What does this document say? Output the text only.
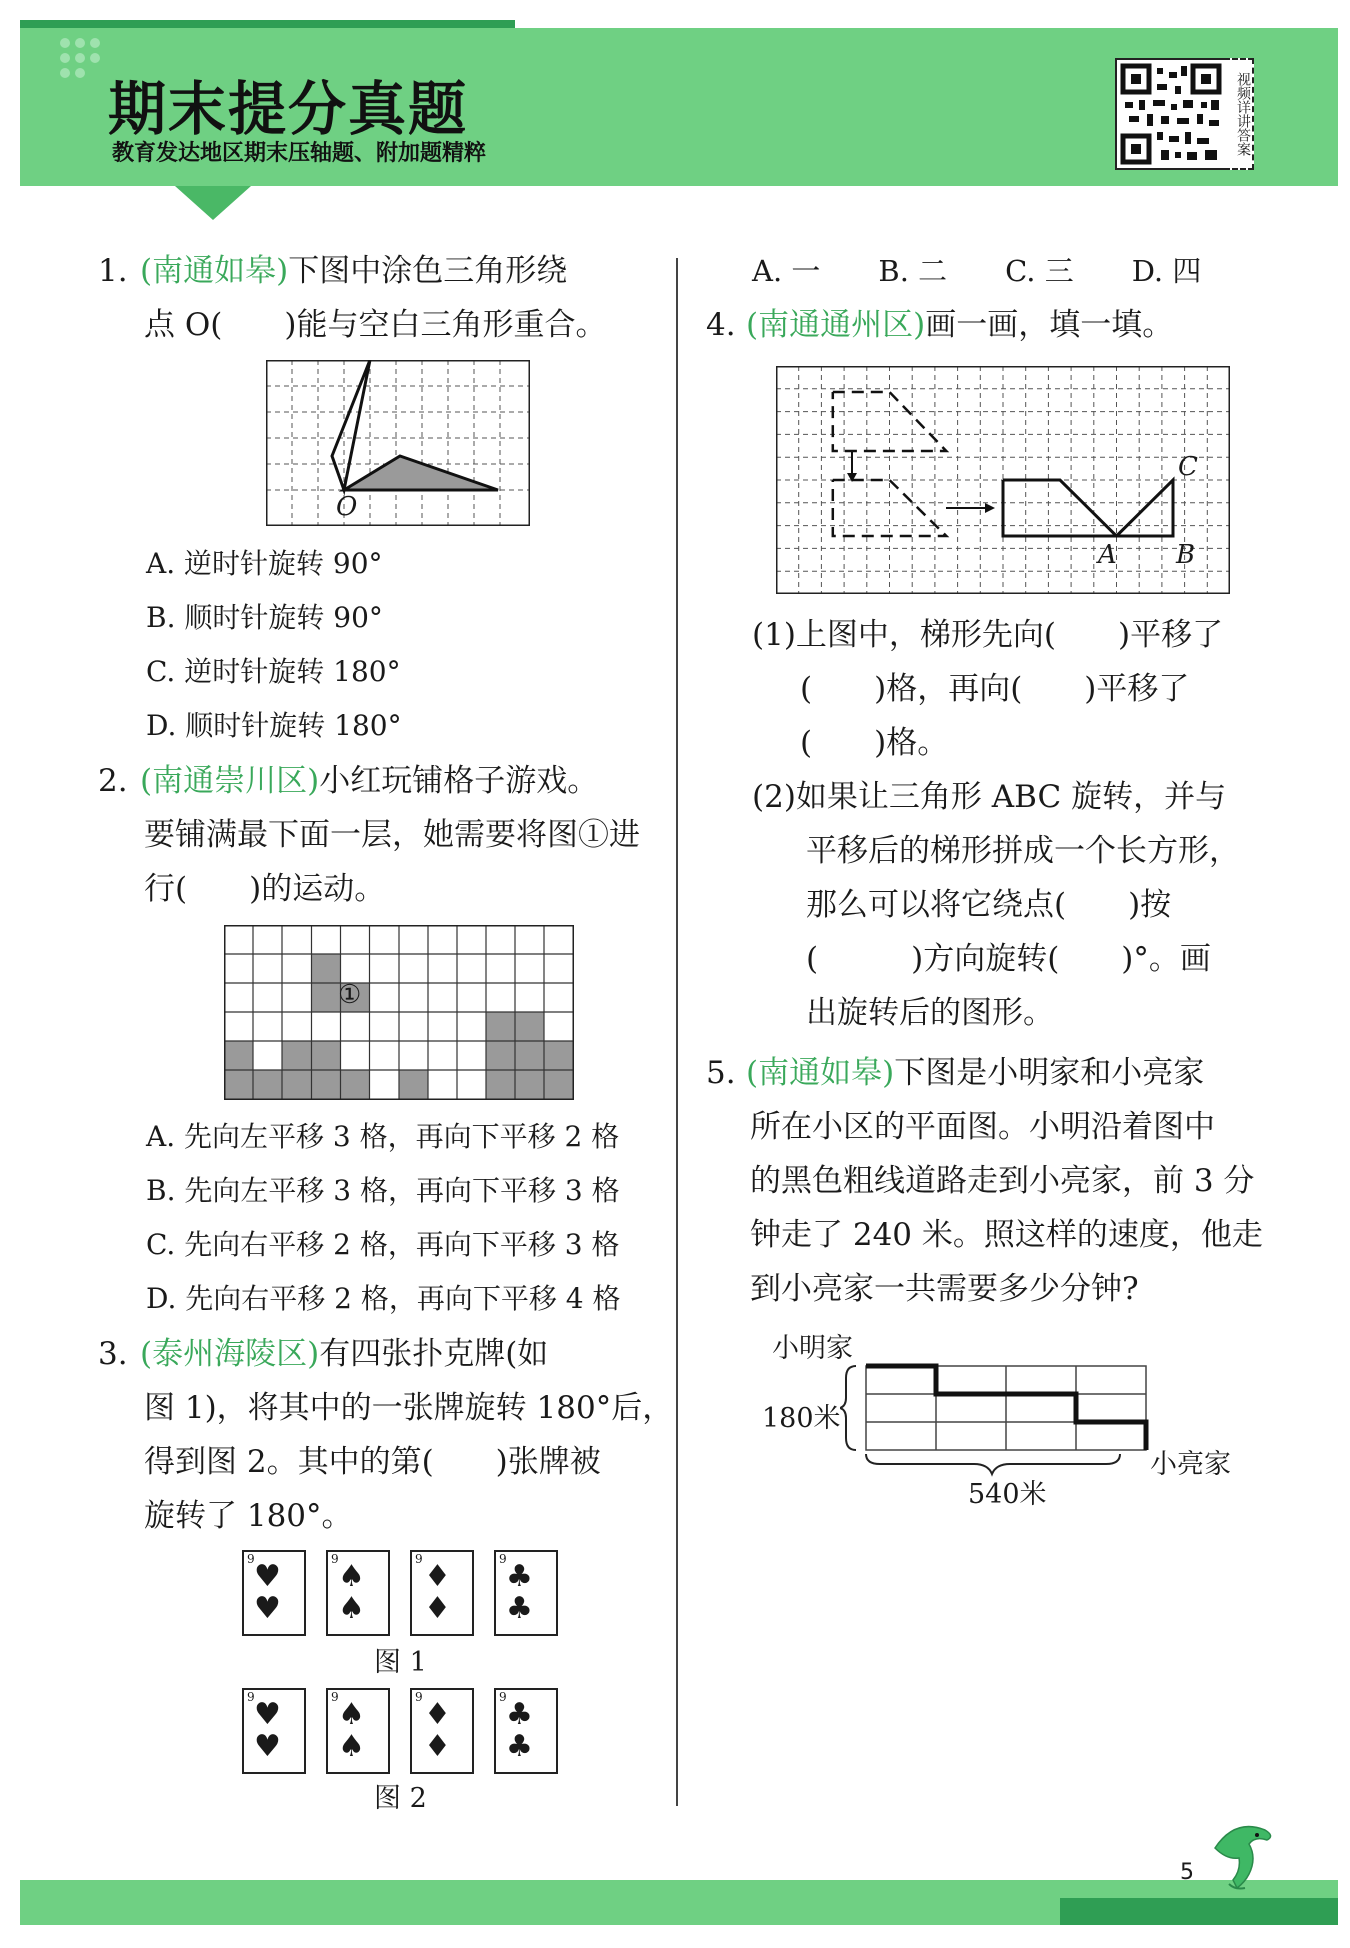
期末提分真题
教育发达地区期末压轴题、附加题精粹	视频详讲答案
1. (南通如皋)下图中涂色三角形绕
点 O(　　)能与空白三角形重合。
O
A. 逆时针旋转 90°
B. 顺时针旋转 90°
C. 逆时针旋转 180°
D. 顺时针旋转 180°
2. (南通崇川区)小红玩铺格子游戏。
要铺满最下面一层，她需要将图①进
行(　　)的运动。
①
A. 先向左平移 3 格，再向下平移 2 格
B. 先向左平移 3 格，再向下平移 3 格
C. 先向右平移 2 格，再向下平移 3 格
D. 先向右平移 2 格，再向下平移 4 格
3. (泰州海陵区)有四张扑克牌(如
图 1)，将其中的一张牌旋转 180°后，
得到图 2。其中的第(　　)张牌被
旋转了 180°。
9 ♥
♥
9 ♠
♠
9 ♦
♦
9 ♣
♣
图 1
9 ♥
♥
9 ♠
♠
9 ♦
♦
9 ♣
♣
图 2
A. 一　　B. 二　　C. 三　　D. 四
4. (南通通州区)画一画，填一填。
A B
C
(1)上图中，梯形先向(　　)平移了
(　　)格，再向(　　)平移了
(　　)格。
(2)如果让三角形 ABC 旋转，并与
平移后的梯形拼成一个长方形，
那么可以将它绕点(　　)按
(　　　)方向旋转(　　)°。画
出旋转后的图形。
5. (南通如皋)下图是小明家和小亮家
所在小区的平面图。小明沿着图中
的黑色粗线道路走到小亮家，前 3 分
钟走了 240 米。照这样的速度，他走
到小亮家一共需要多少分钟?
小明家
180米
小亮家
540米
5
